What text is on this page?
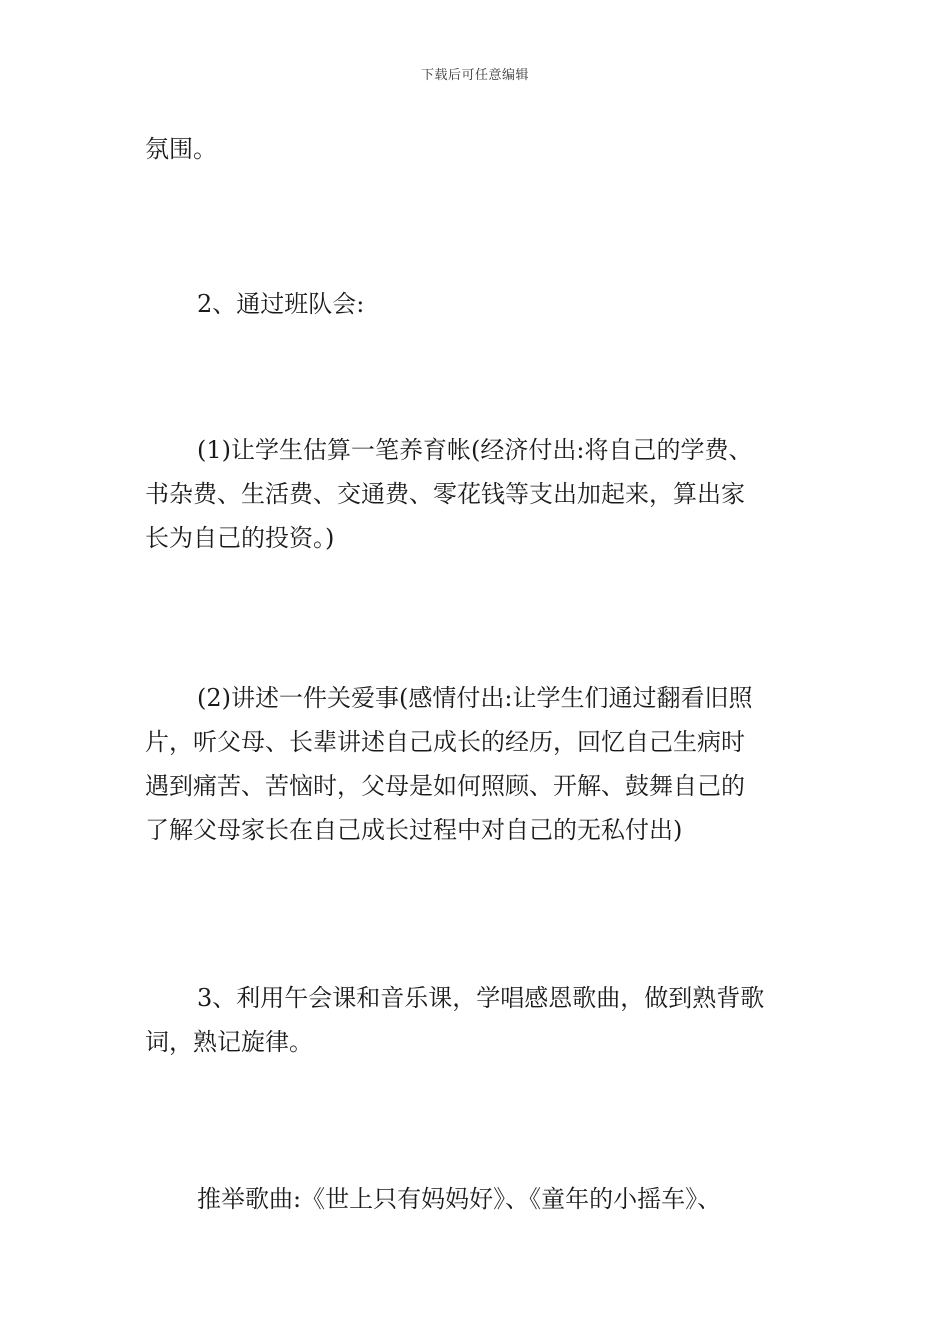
下载后可任意编辑

氛围。

2、通过班队会:

(1)让学生估算一笔养育帐(经济付出:将自己的学费、
书杂费、生活费、交通费、零花钱等支出加起来，算出家
长为自己的投资。)

(2)讲述一件关爱事(感情付出:让学生们通过翻看旧照
片，听父母、长辈讲述自己成长的经历，回忆自己生病时
遇到痛苦、苦恼时，父母是如何照顾、开解、鼓舞自己的
了解父母家长在自己成长过程中对自己的无私付出)

3、利用午会课和音乐课，学唱感恩歌曲，做到熟背歌
词，熟记旋律。

推举歌曲:《世上只有妈妈好》、《童年的小摇车》、
